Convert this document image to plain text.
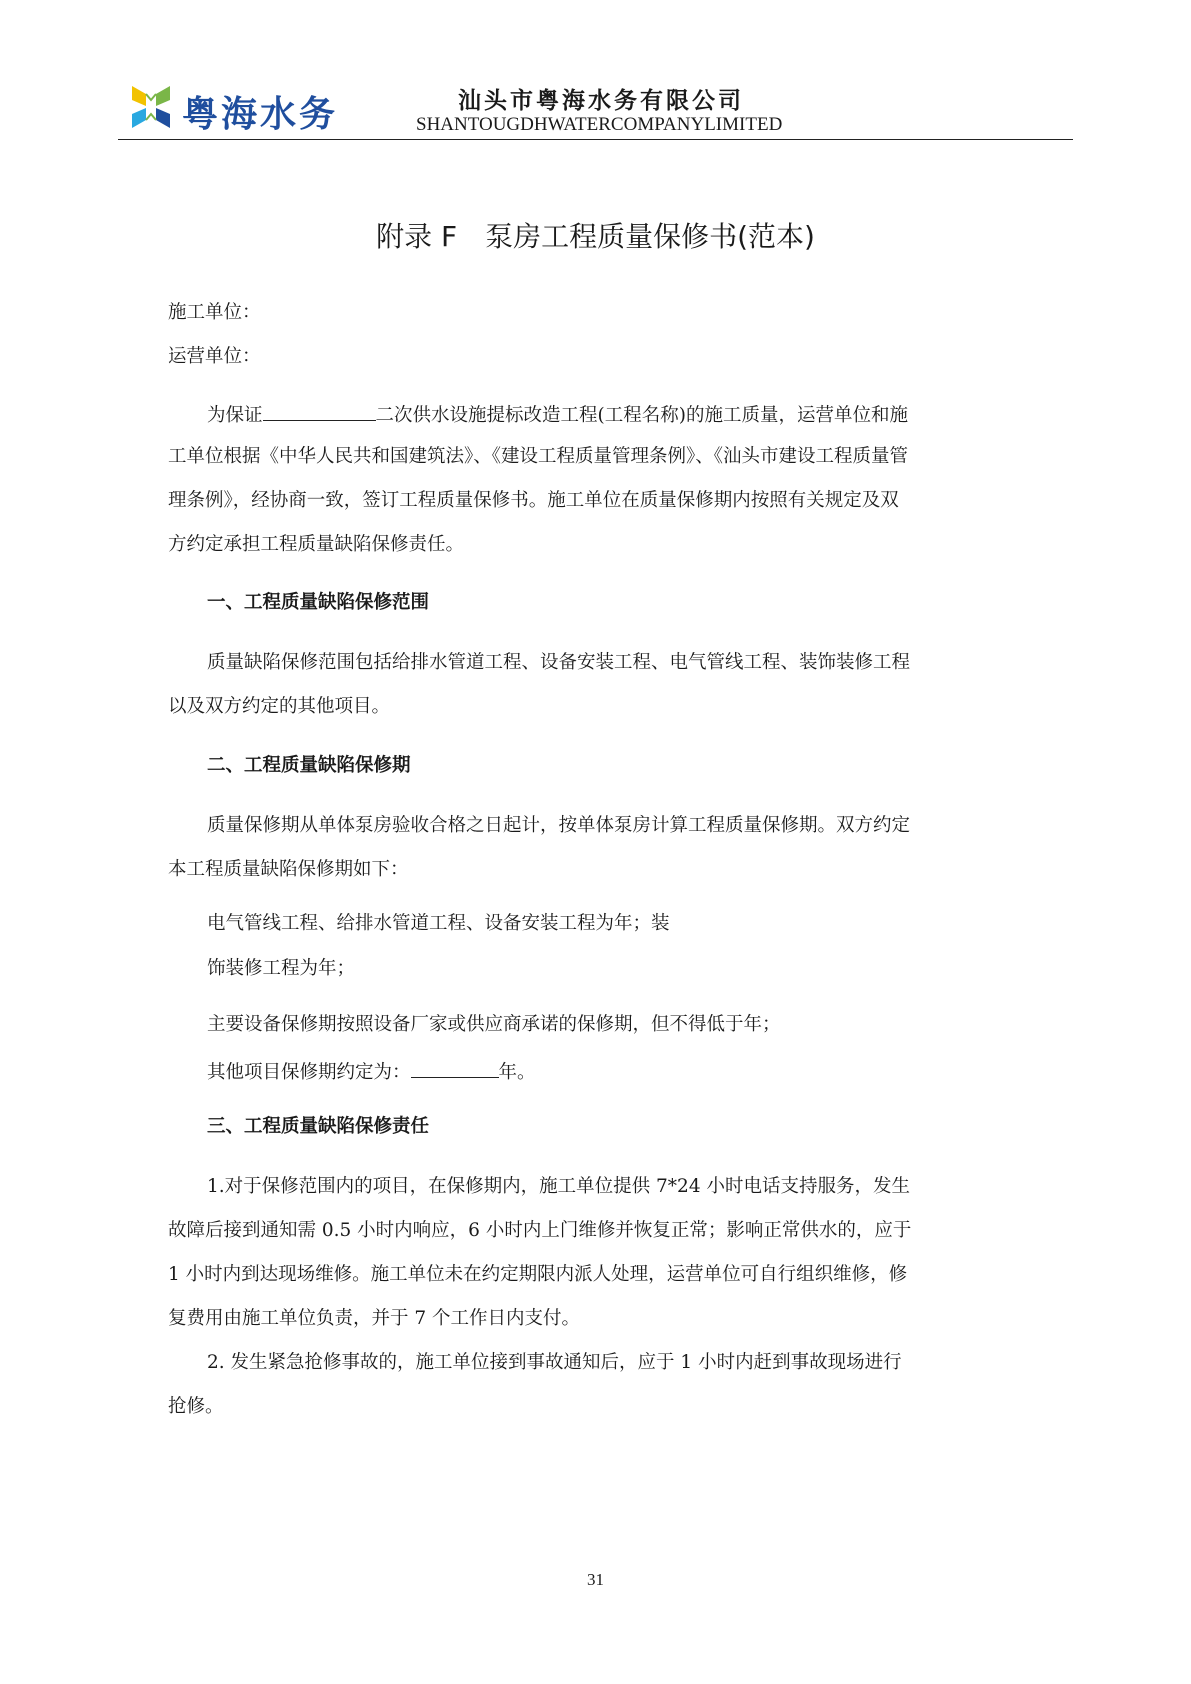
粤海水务	汕头市粤海水务有限公司
SHANTOUGDHWATERCOMPANYLIMITED
附录 F　泵房工程质量保修书(范本)
施工单位：
运营单位：
为保证	二次供水设施提标改造工程(工程名称)的施工质量，运营单位和施
工单位根据《中华人民共和国建筑法》、《建设工程质量管理条例》、《汕头市建设工程质量管
理条例》，经协商一致，签订工程质量保修书。施工单位在质量保修期内按照有关规定及双
方约定承担工程质量缺陷保修责任。
一、工程质量缺陷保修范围
质量缺陷保修范围包括给排水管道工程、设备安装工程、电气管线工程、装饰装修工程
以及双方约定的其他项目。
二、工程质量缺陷保修期
质量保修期从单体泵房验收合格之日起计，按单体泵房计算工程质量保修期。双方约定
本工程质量缺陷保修期如下：
电气管线工程、给排水管道工程、设备安装工程为年；装
饰装修工程为年；
主要设备保修期按照设备厂家或供应商承诺的保修期，但不得低于年；
其他项目保修期约定为：	年。
三、工程质量缺陷保修责任
1.对于保修范围内的项目，在保修期内，施工单位提供 7*24 小时电话支持服务，发生
故障后接到通知需 0.5 小时内响应，6 小时内上门维修并恢复正常；影响正常供水的，应于
1 小时内到达现场维修。施工单位未在约定期限内派人处理，运营单位可自行组织维修，修
复费用由施工单位负责，并于 7 个工作日内支付。
2. 发生紧急抢修事故的，施工单位接到事故通知后，应于 1 小时内赶到事故现场进行
抢修。
31
